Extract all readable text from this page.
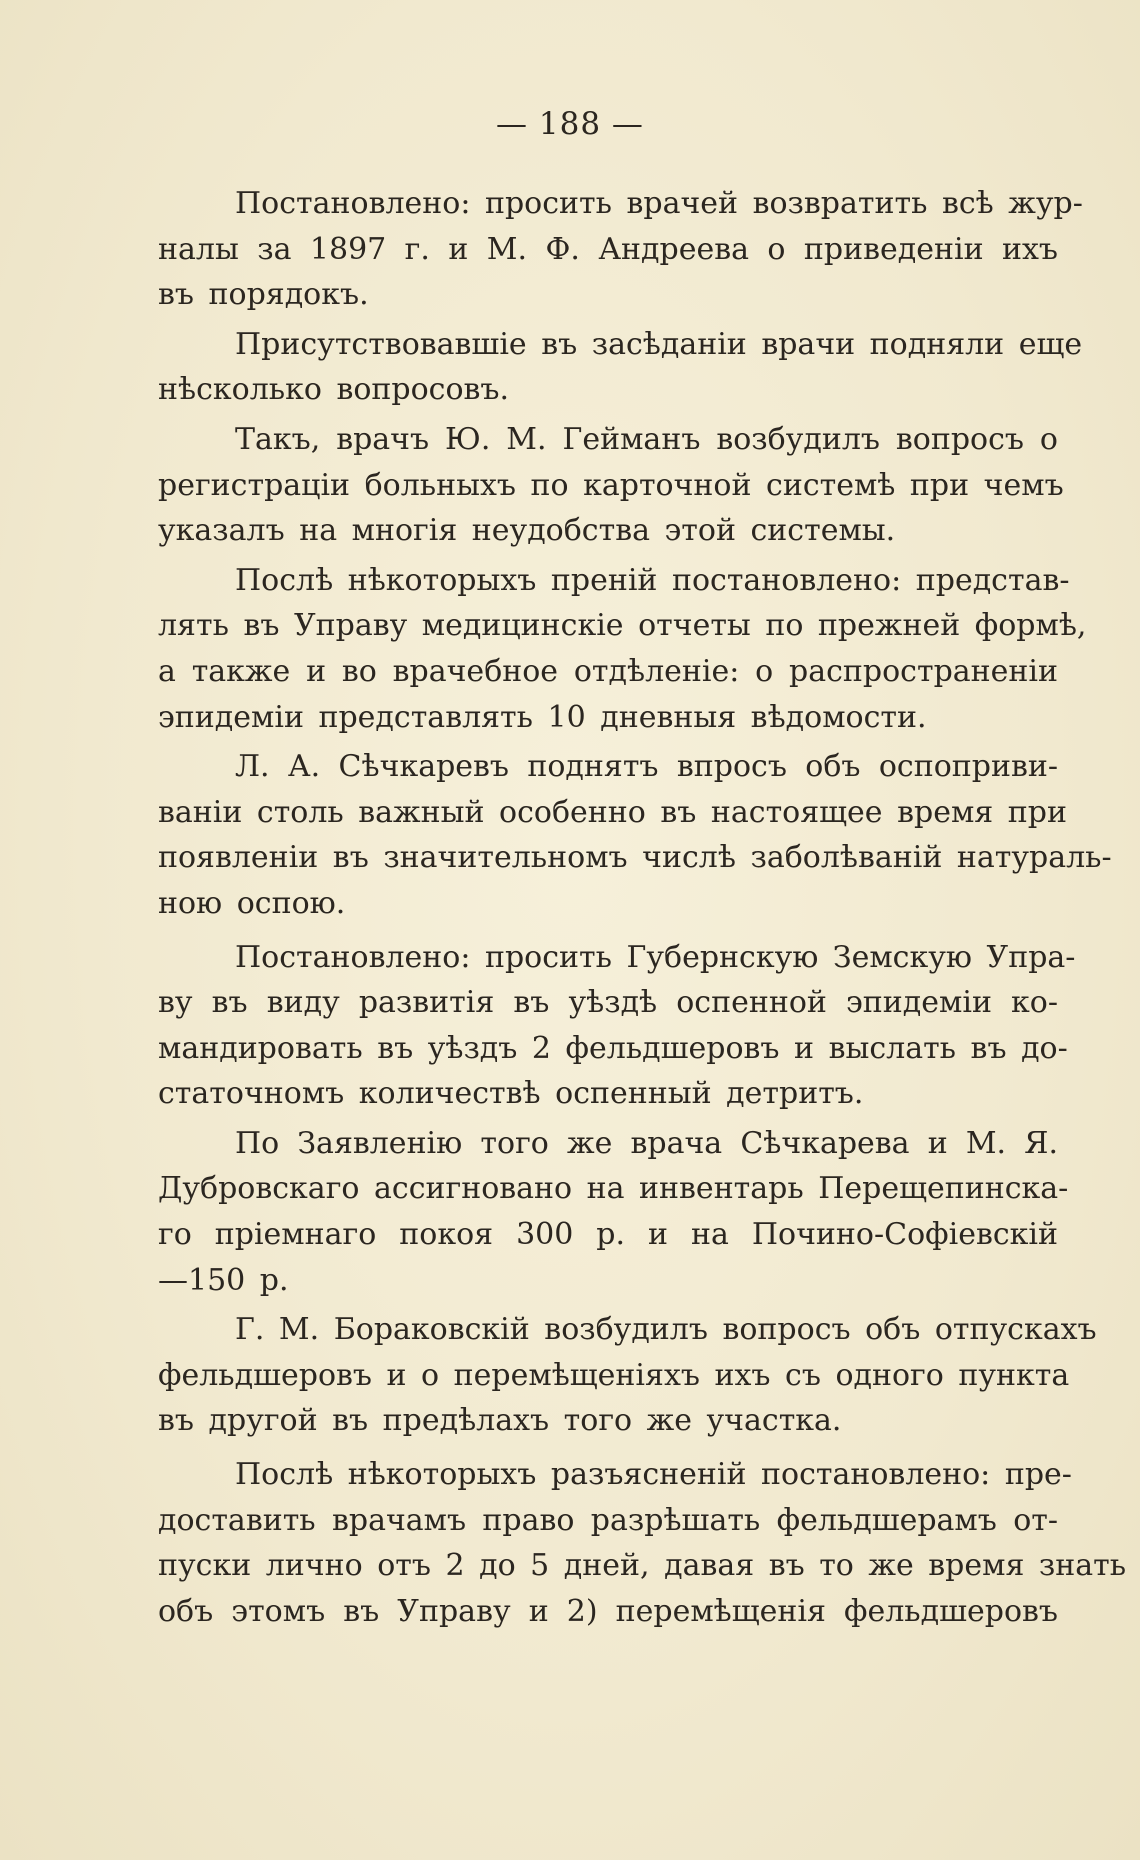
— 188 —
Постановлено: просить врачей возвратить всѣ жур-
налы за 1897 г. и М. Ф. Андреева о приведеніи ихъ
въ порядокъ.
Присутствовавшіе въ засѣданіи врачи подняли еще
нѣсколько вопросовъ.
Такъ, врачъ Ю. М. Гейманъ возбудилъ вопросъ о
регистраціи больныхъ по карточной системѣ при чемъ
указалъ на многія неудобства этой системы.
Послѣ нѣкоторыхъ преній постановлено: представ-
лять въ Управу медицинскіе отчеты по прежней формѣ,
а также и во врачебное отдѣленіе: о распространеніи
эпидеміи представлять 10 дневныя вѣдомости.
Л. А. Сѣчкаревъ поднятъ впросъ объ оспоприви-
ваніи столь важный особенно въ настоящее время при
появленіи въ значительномъ числѣ заболѣваній натураль-
ною оспою.
Постановлено: просить Губернскую Земскую Упра-
ву въ виду развитія въ уѣздѣ оспенной эпидеміи ко-
мандировать въ уѣздъ 2 фельдшеровъ и выслать въ до-
статочномъ количествѣ оспенный детритъ.
По Заявленію того же врача Сѣчкарева и М. Я.
Дубровскаго ассигновано на инвентарь Перещепинска-
го пріемнаго покоя 300 р. и на Почино-Софіевскій
—150 р.
Г. М. Бораковскій возбудилъ вопросъ объ отпускахъ
фельдшеровъ и о перемѣщеніяхъ ихъ съ одного пункта
въ другой въ предѣлахъ того же участка.
Послѣ нѣкоторыхъ разъясненій постановлено: пре-
доставить врачамъ право разрѣшать фельдшерамъ от-
пуски лично отъ 2 до 5 дней, давая въ то же время знать
объ этомъ въ Управу и 2) перемѣщенія фельдшеровъ
